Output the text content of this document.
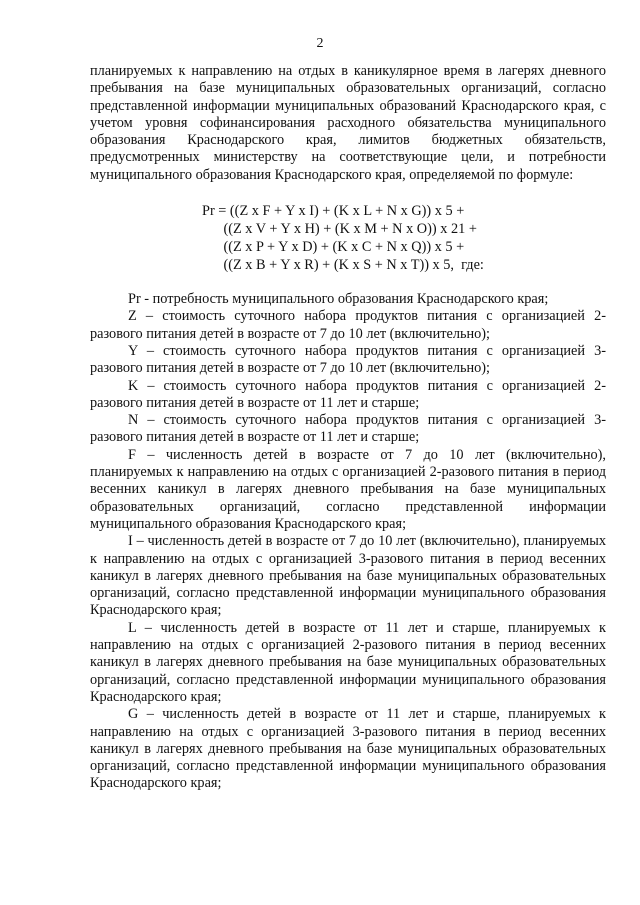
2

планируемых к направлению на отдых в каникулярное время в лагерях дневного пребывания на базе муниципальных образовательных организаций, согласно представленной информации муниципальных образований Краснодарского края, с учетом уровня софинансирования расходного обязательства муниципального образования Краснодарского края, лимитов бюджетных обязательств, предусмотренных министерству на соответствующие цели, и потребности муниципального образования Краснодарского края, определяемой по формуле:

Pr = ((Z x F + Y x I) + (K x L + N x G)) x 5 +
((Z x V + Y x H) + (K x M + N x O)) x 21 +
((Z x P + Y x D) + (K x C + N x Q)) x 5 +
((Z x B + Y x R) + (K x S + N x T)) x 5,  где:

Pr - потребность муниципального образования Краснодарского края;

Z – стоимость суточного набора продуктов питания с организацией 2-разового питания детей в возрасте от 7 до 10 лет (включительно);

Y – стоимость суточного набора продуктов питания с организацией 3-разового питания детей в возрасте от 7 до 10 лет (включительно);

K – стоимость суточного набора продуктов питания с организацией 2-разового питания детей в возрасте от 11 лет и старше;

N – стоимость суточного набора продуктов питания с организацией 3-разового питания детей в возрасте от 11 лет и старше;

F – численность детей в возрасте от 7 до 10 лет (включительно), планируемых к направлению на отдых с организацией 2-разового питания в период весенних каникул в лагерях дневного пребывания на базе муниципальных образовательных организаций, согласно представленной информации муниципального образования Краснодарского края;

I – численность детей в возрасте от 7 до 10 лет (включительно), планируемых к направлению на отдых с организацией 3-разового питания в период весенних каникул в лагерях дневного пребывания на базе муниципальных образовательных организаций, согласно представленной информации муниципального образования Краснодарского края;

L – численность детей в возрасте от 11 лет и старше, планируемых к направлению на отдых с организацией 2-разового питания в период весенних каникул в лагерях дневного пребывания на базе муниципальных образовательных организаций, согласно представленной информации муниципального образования Краснодарского края;

G – численность детей в возрасте от 11 лет и старше, планируемых к направлению на отдых с организацией 3-разового питания в период весенних каникул в лагерях дневного пребывания на базе муниципальных образовательных организаций, согласно представленной информации муниципального образования Краснодарского края;
